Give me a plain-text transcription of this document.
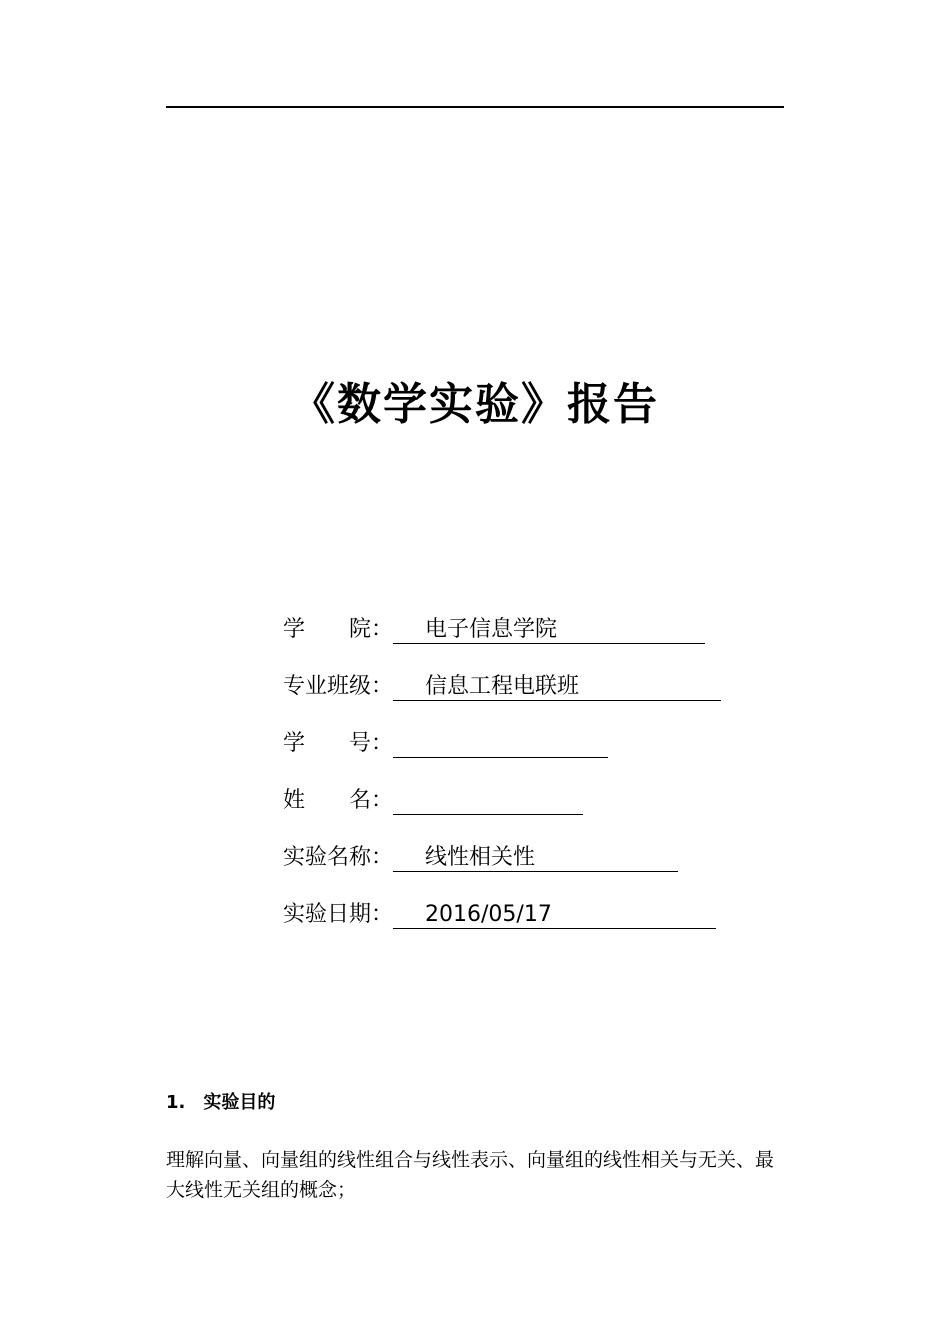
《数学实验》报告
学　　院： 电子信息学院
专业班级： 信息工程电联班
学　　号：
姓　　名：
实验名称： 线性相关性
实验日期： 2016/05/17
1. 实验目的
理解向量、向量组的线性组合与线性表示、向量组的线性相关与无关、最大线性无关组的概念；
